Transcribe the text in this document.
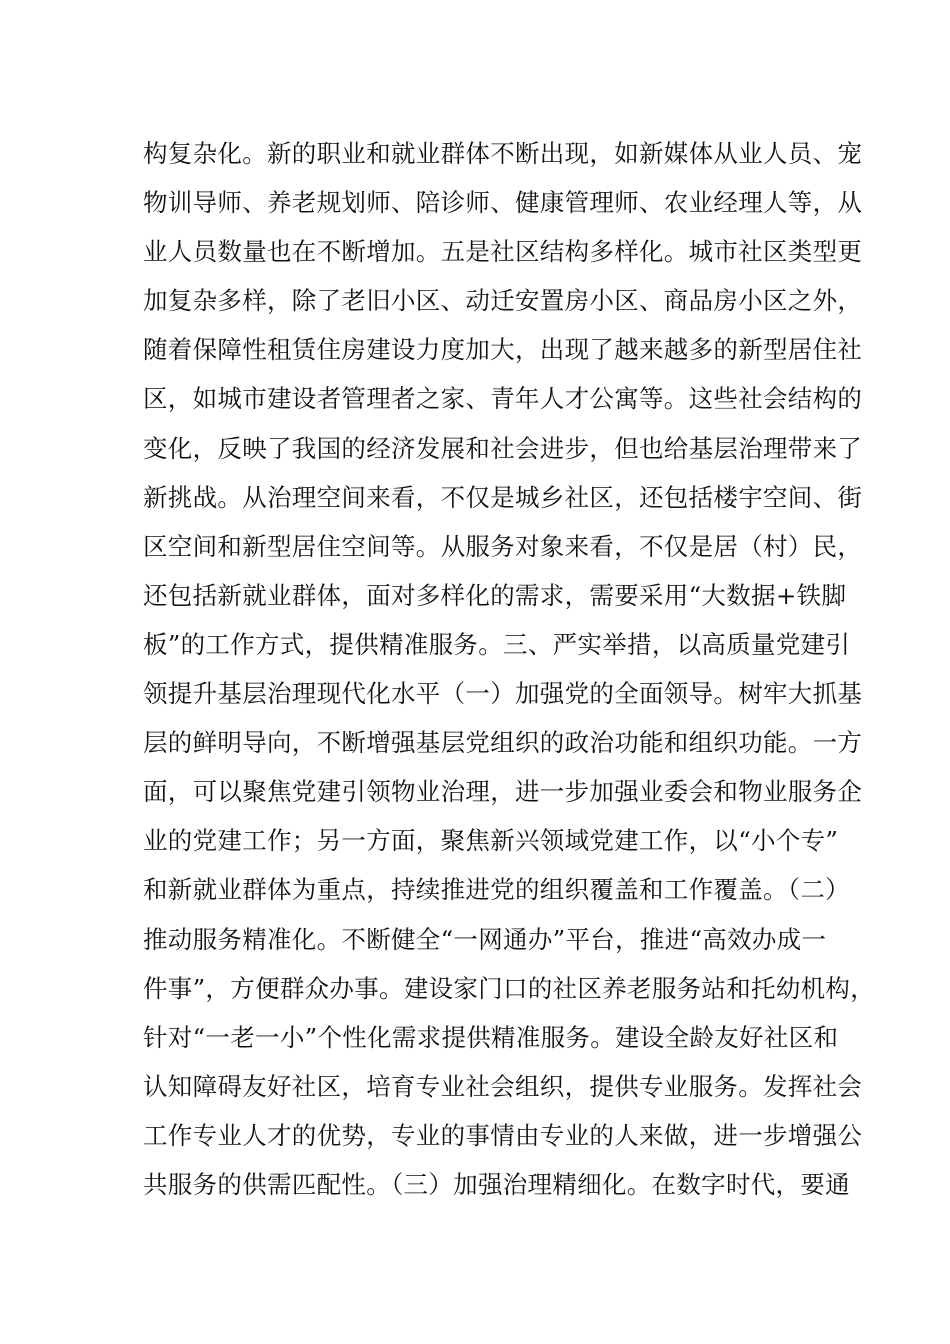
构复杂化。新的职业和就业群体不断出现，如新媒体从业人员、宠
物训导师、养老规划师、陪诊师、健康管理师、农业经理人等，从
业人员数量也在不断增加。五是社区结构多样化。城市社区类型更
加复杂多样，除了老旧小区、动迁安置房小区、商品房小区之外，
随着保障性租赁住房建设力度加大，出现了越来越多的新型居住社
区，如城市建设者管理者之家、青年人才公寓等。这些社会结构的
变化，反映了我国的经济发展和社会进步，但也给基层治理带来了
新挑战。从治理空间来看，不仅是城乡社区，还包括楼宇空间、街
区空间和新型居住空间等。从服务对象来看，不仅是居（村）民，
还包括新就业群体，面对多样化的需求，需要采用“大数据+铁脚
板”的工作方式，提供精准服务。三、严实举措，以高质量党建引
领提升基层治理现代化水平（一）加强党的全面领导。树牢大抓基
层的鲜明导向，不断增强基层党组织的政治功能和组织功能。一方
面，可以聚焦党建引领物业治理，进一步加强业委会和物业服务企
业的党建工作；另一方面，聚焦新兴领域党建工作，以“小个专”
和新就业群体为重点，持续推进党的组织覆盖和工作覆盖。（二）
推动服务精准化。不断健全“一网通办”平台，推进“高效办成一
件事”，方便群众办事。建设家门口的社区养老服务站和托幼机构，
针对“一老一小”个性化需求提供精准服务。建设全龄友好社区和
认知障碍友好社区，培育专业社会组织，提供专业服务。发挥社会
工作专业人才的优势，专业的事情由专业的人来做，进一步增强公
共服务的供需匹配性。（三）加强治理精细化。在数字时代，要通
